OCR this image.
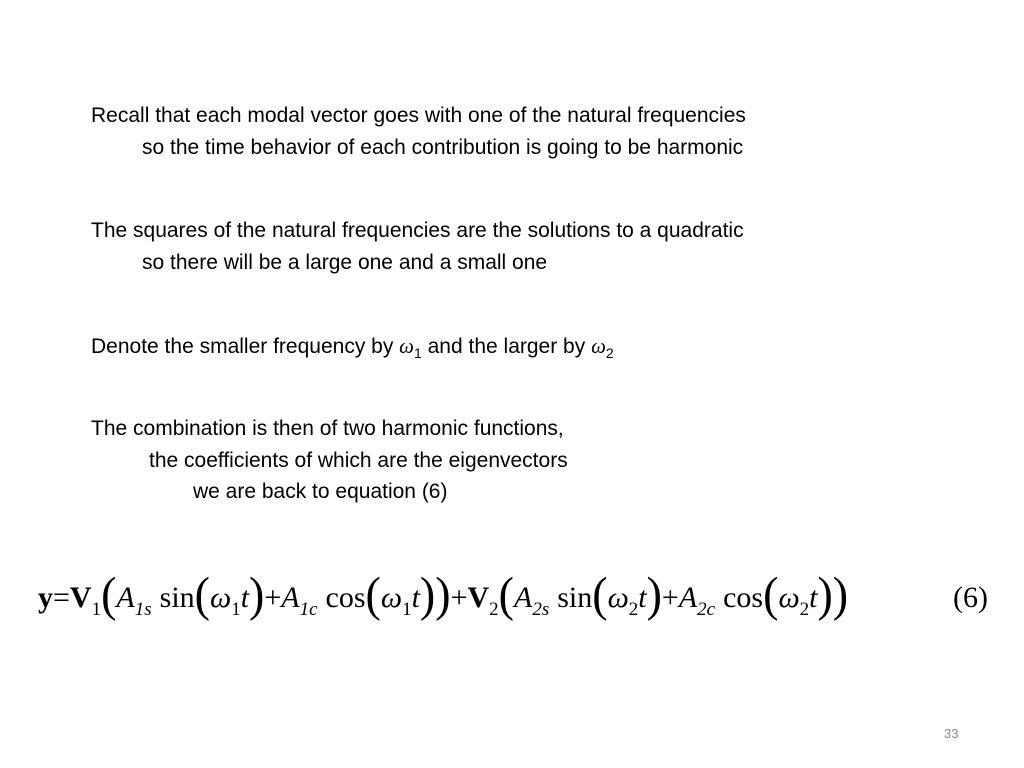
Recall that each modal vector goes with one of the natural frequencies
so the time behavior of each contribution is going to be harmonic
The squares of the natural frequencies are the solutions to a quadratic
so there will be a large one and a small one
Denote the smaller frequency by $\omega_1$ and the larger by $\omega_2$
The combination is then of two harmonic functions,
the coefficients of which are the eigenvectors
we are back to equation (6)
y=V1(A1s sin(ω1t)+A1c cos(ω1t))+V2(A2s sin(ω2t)+A2c cos(ω2t))	(6)
33
